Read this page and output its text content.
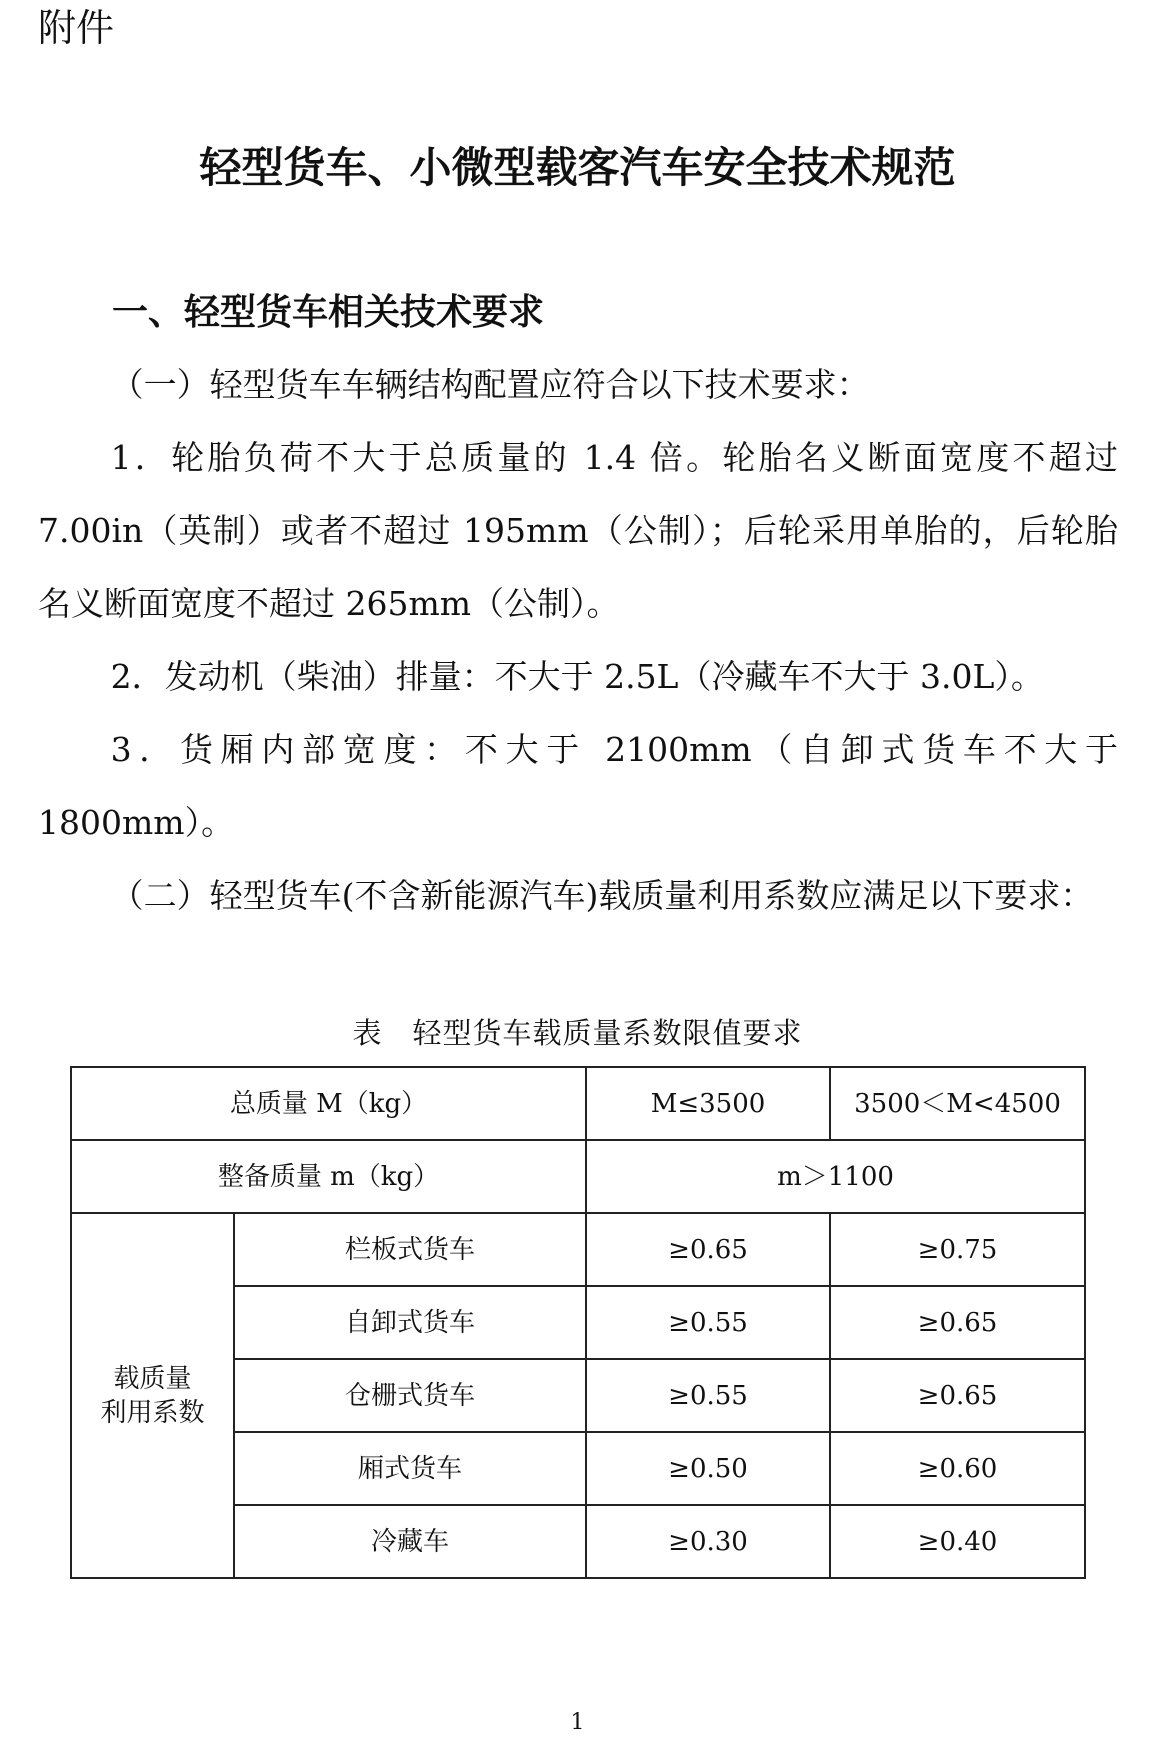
附件
轻型货车、小微型载客汽车安全技术规范
一、轻型货车相关技术要求

（一）轻型货车车辆结构配置应符合以下技术要求：

1．轮胎负荷不大于总质量的 1.4 倍。轮胎名义断面宽度不超过 7.00in（英制）或者不超过 195mm（公制）；后轮采用单胎的，后轮胎名义断面宽度不超过 265mm（公制）。

2．发动机（柴油）排量：不大于 2.5L（冷藏车不大于 3.0L）。

3．货厢内部宽度：不大于 2100mm（自卸式货车不大于 1800mm）。

（二）轻型货车(不含新能源汽车)载质量利用系数应满足以下要求：

表　轻型货车载质量系数限值要求
总质量 M（kg）		M≤3500	3500＜M<4500
整备质量 m（kg）		m＞1100	

载质量
利用系数	栏板式货车	≥0.65	≥0.75
	自卸式货车	≥0.55	≥0.65
	仓栅式货车	≥0.55	≥0.65
	厢式货车	≥0.50	≥0.60
	冷藏车	≥0.30	≥0.40
1
